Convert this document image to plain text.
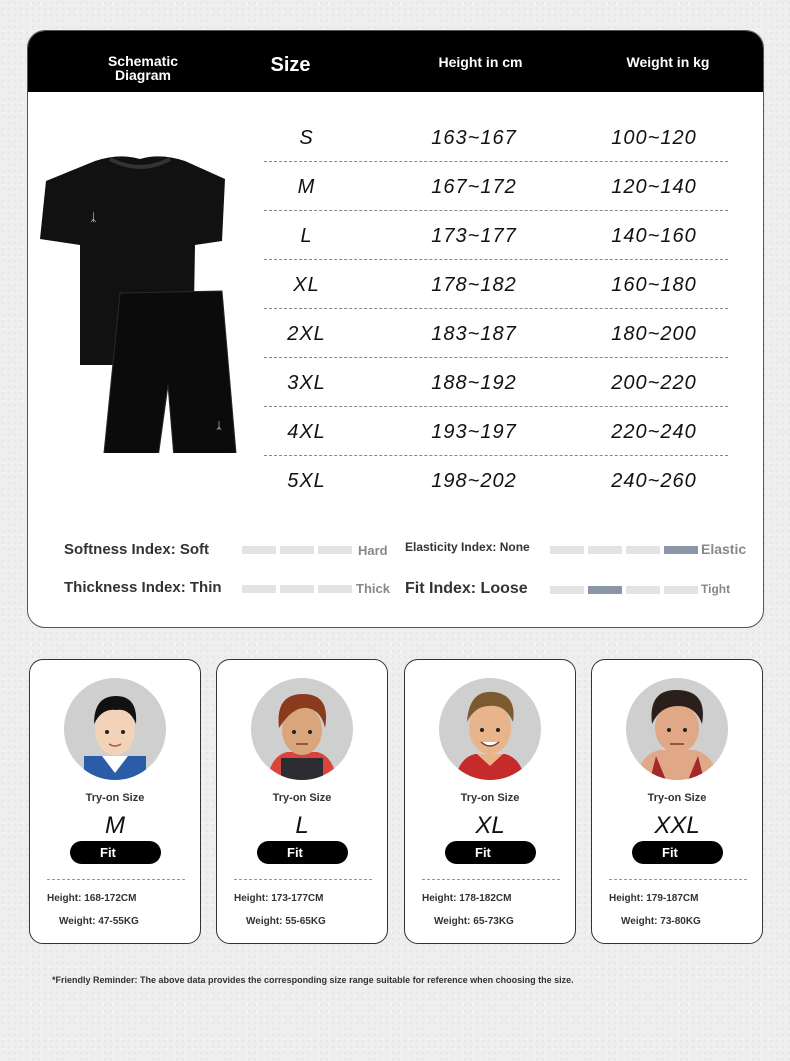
Schematic Diagram	Size	Height in cm	Weight in kg
ᛣ
ᛣ
S	163~167	100~120
M	167~172	120~140
L	173~177	140~160
XL	178~182	160~180
2XL	183~187	180~200
3XL	188~192	200~220
4XL	193~197	220~240
5XL	198~202	240~260
Softness Index: Soft	Hard Elasticity Index: None	Elastic
Thickness Index: Thin	Thick Fit Index: Loose	Tight
Try-on Size
M
Fit
Height: 168-172CM
Weight: 47-55KG
Try-on Size
L
Fit
Height: 173-177CM
Weight: 55-65KG
Try-on Size
XL
Fit
Height: 178-182CM
Weight: 65-73KG
Try-on Size
XXL
Fit
Height: 179-187CM
Weight: 73-80KG
*Friendly Reminder: The above data provides the corresponding size range suitable for reference when choosing the size.
